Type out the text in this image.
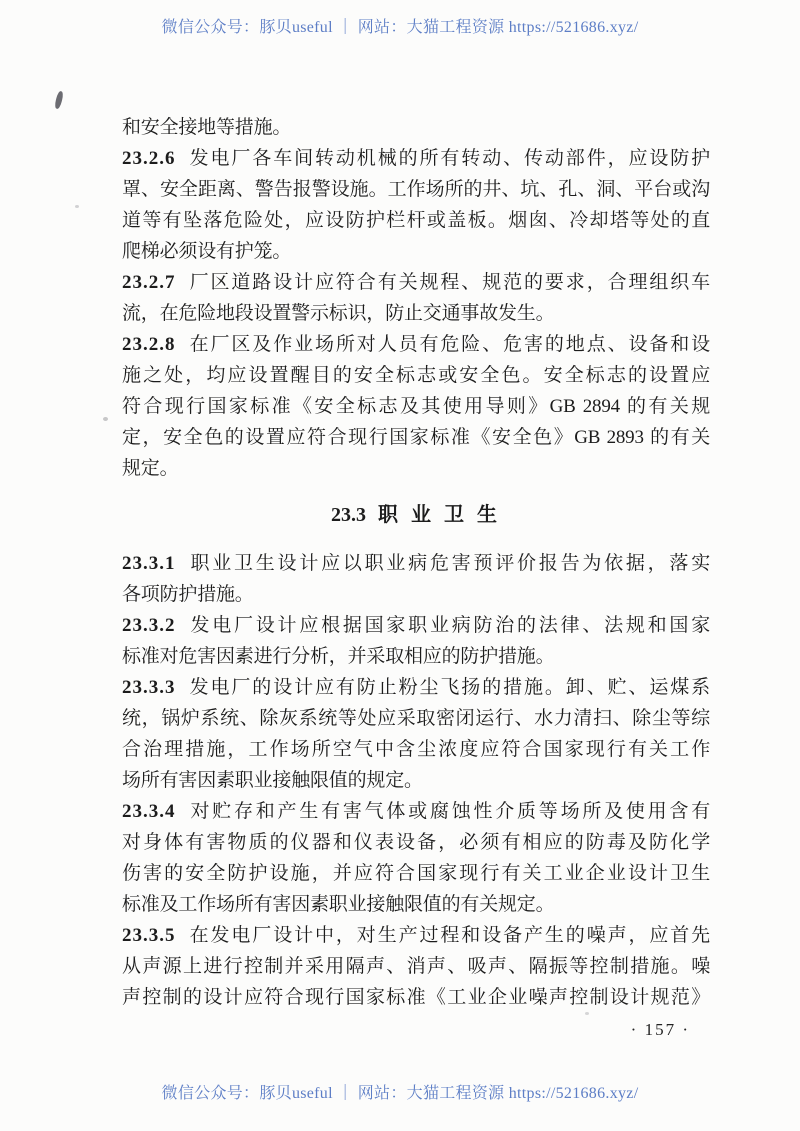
微信公众号：豚贝useful ｜ 网站：大猫工程资源 https://521686.xyz/
和安全接地等措施。
23.2.6 发电厂各车间转动机械的所有转动、传动部件，应设防护
罩、安全距离、警告报警设施。工作场所的井、坑、孔、洞、平台或沟
道等有坠落危险处，应设防护栏杆或盖板。烟囱、冷却塔等处的直
爬梯必须设有护笼。
23.2.7 厂区道路设计应符合有关规程、规范的要求，合理组织车
流，在危险地段设置警示标识，防止交通事故发生。
23.2.8 在厂区及作业场所对人员有危险、危害的地点、设备和设
施之处，均应设置醒目的安全标志或安全色。安全标志的设置应
符合现行国家标准《安全标志及其使用导则》GB 2894 的有关规
定，安全色的设置应符合现行国家标准《安全色》GB 2893 的有关
规定。
23.3 职 业 卫 生
23.3.1 职业卫生设计应以职业病危害预评价报告为依据，落实
各项防护措施。
23.3.2 发电厂设计应根据国家职业病防治的法律、法规和国家
标准对危害因素进行分析，并采取相应的防护措施。
23.3.3 发电厂的设计应有防止粉尘飞扬的措施。卸、贮、运煤系
统，锅炉系统、除灰系统等处应采取密闭运行、水力清扫、除尘等综
合治理措施，工作场所空气中含尘浓度应符合国家现行有关工作
场所有害因素职业接触限值的规定。
23.3.4 对贮存和产生有害气体或腐蚀性介质等场所及使用含有
对身体有害物质的仪器和仪表设备，必须有相应的防毒及防化学
伤害的安全防护设施，并应符合国家现行有关工业企业设计卫生
标准及工作场所有害因素职业接触限值的有关规定。
23.3.5 在发电厂设计中，对生产过程和设备产生的噪声，应首先
从声源上进行控制并采用隔声、消声、吸声、隔振等控制措施。噪
声控制的设计应符合现行国家标准《工业企业噪声控制设计规范》
· 157 ·
微信公众号：豚贝useful ｜ 网站：大猫工程资源 https://521686.xyz/
